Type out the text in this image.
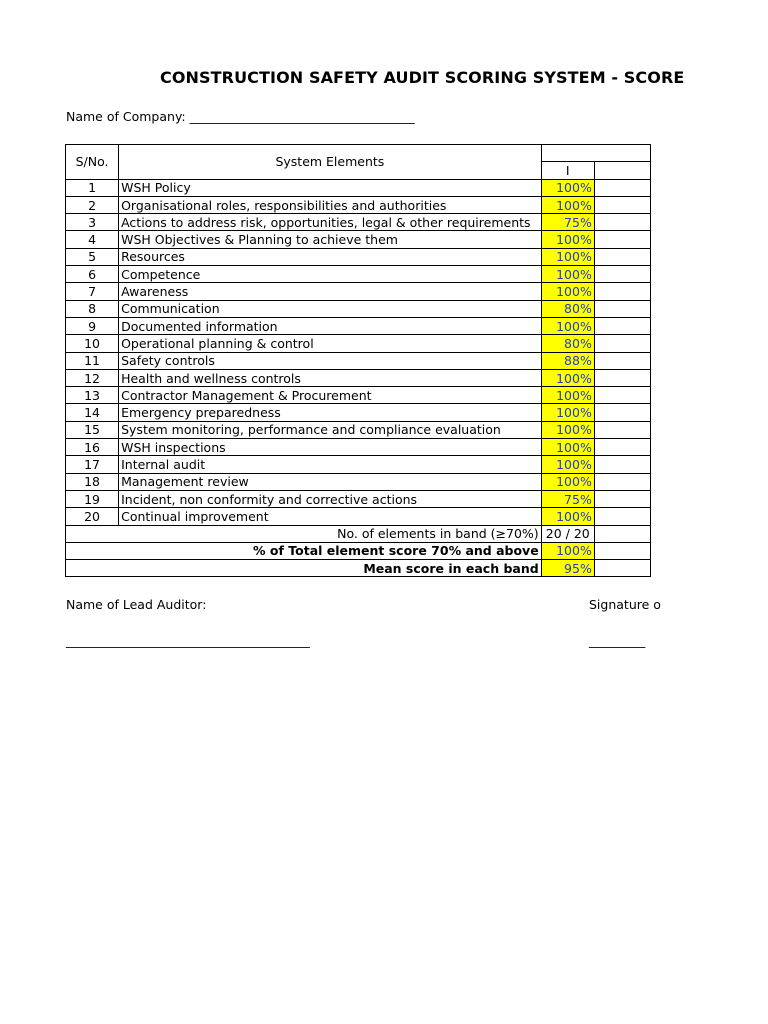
CONSTRUCTION SAFETY AUDIT SCORING SYSTEM - SCORE
Name of Company: ____________________________________
S/No.	System Elements		
		I	
1	WSH Policy	100%	
2	Organisational roles, responsibilities and authorities	100%	
3	Actions to address risk, opportunities, legal & other requirements	75%	
4	WSH Objectives & Planning to achieve them	100%	
5	Resources	100%	
6	Competence	100%	
7	Awareness	100%	
8	Communication	80%	
9	Documented information	100%	
10	Operational planning & control	80%	
11	Safety controls	88%	
12	Health and wellness controls	100%	
13	Contractor Management & Procurement	100%	
14	Emergency preparedness	100%	
15	System monitoring, performance and compliance evaluation	100%	
16	WSH inspections	100%	
17	Internal audit	100%	
18	Management review	100%	
19	Incident, non conformity and corrective actions	75%	
20	Continual improvement	100%	
No. of elements in band (≥70%)		20 / 20	
% of Total element score 70% and above		100%	
Mean score in each band		95%	
Name of Lead Auditor:
_______________________________________
Signature o
_________
